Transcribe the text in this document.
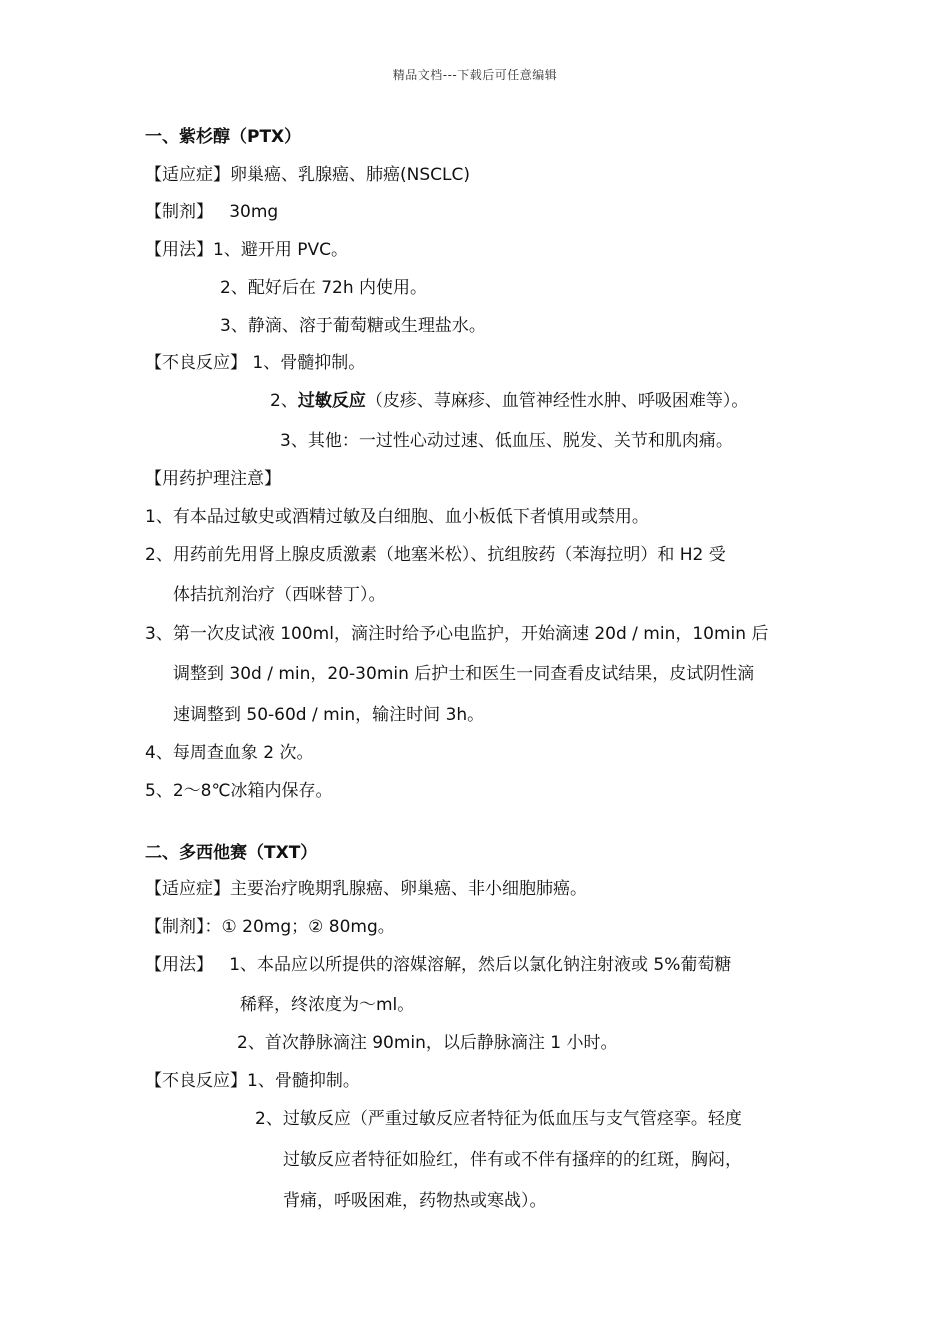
精品文档---下载后可任意编辑
一、紫杉醇（PTX）
【适应症】卵巢癌、乳腺癌、肺癌(NSCLC)
【制剂】   30mg
【用法】1、避开用 PVC。
2、配好后在 72h 内使用。
3、静滴、溶于葡萄糖或生理盐水。
【不良反应】 1、骨髓抑制。
2、过敏反应（皮疹、荨麻疹、血管神经性水肿、呼吸困难等）。
3、其他：一过性心动过速、低血压、脱发、关节和肌肉痛。
【用药护理注意】
1、有本品过敏史或酒精过敏及白细胞、血小板低下者慎用或禁用。
2、用药前先用肾上腺皮质激素（地塞米松）、抗组胺药（苯海拉明）和 H2 受
体拮抗剂治疗（西咪替丁）。
3、第一次皮试液 100ml，滴注时给予心电监护，开始滴速 20d / min，10min 后
调整到 30d / min，20-30min 后护士和医生一同查看皮试结果，皮试阴性滴
速调整到 50-60d / min，输注时间 3h。
4、每周查血象 2 次。
5、2～8℃冰箱内保存。
二、多西他赛（TXT）
【适应症】主要治疗晚期乳腺癌、卵巢癌、非小细胞肺癌。
【制剂】：① 20mg；② 80mg。
【用法】   1、本品应以所提供的溶媒溶解，然后以氯化钠注射液或 5%葡萄糖
稀释，终浓度为～ml。
2、首次静脉滴注 90min，以后静脉滴注 1 小时。
【不良反应】1、骨髓抑制。
2、过敏反应（严重过敏反应者特征为低血压与支气管痉挛。轻度
过敏反应者特征如脸红，伴有或不伴有搔痒的的红斑，胸闷，
背痛，呼吸困难，药物热或寒战）。
